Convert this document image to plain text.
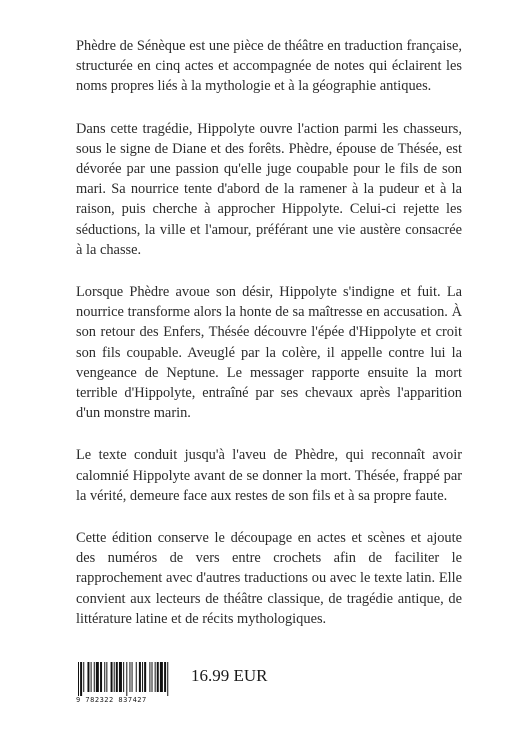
Phèdre de Sénèque est une pièce de théâtre en traduction française, structurée en cinq actes et accompagnée de notes qui éclairent les noms propres liés à la mythologie et à la géographie antiques.

Dans cette tragédie, Hippolyte ouvre l'action parmi les chasseurs, sous le signe de Diane et des forêts. Phèdre, épouse de Thésée, est dévorée par une passion qu'elle juge coupable pour le fils de son mari. Sa nourrice tente d'abord de la ramener à la pudeur et à la raison, puis cherche à approcher Hippolyte. Celui-ci rejette les séductions, la ville et l'amour, préférant une vie austère consacrée à la chasse.

Lorsque Phèdre avoue son désir, Hippolyte s'indigne et fuit. La nourrice transforme alors la honte de sa maîtresse en accusation. À son retour des Enfers, Thésée découvre l'épée d'Hippolyte et croit son fils coupable. Aveuglé par la colère, il appelle contre lui la vengeance de Neptune. Le messager rapporte ensuite la mort terrible d'Hippolyte, entraîné par ses chevaux après l'apparition d'un monstre marin.

Le texte conduit jusqu'à l'aveu de Phèdre, qui reconnaît avoir calomnié Hippolyte avant de se donner la mort. Thésée, frappé par la vérité, demeure face aux restes de son fils et à sa propre faute.

Cette édition conserve le découpage en actes et scènes et ajoute des numéros de vers entre crochets afin de faciliter le rapprochement avec d'autres traductions ou avec le texte latin. Elle convient aux lecteurs de théâtre classique, de tragédie antique, de littérature latine et de récits mythologiques.

9 782322 837427
16.99 EUR
